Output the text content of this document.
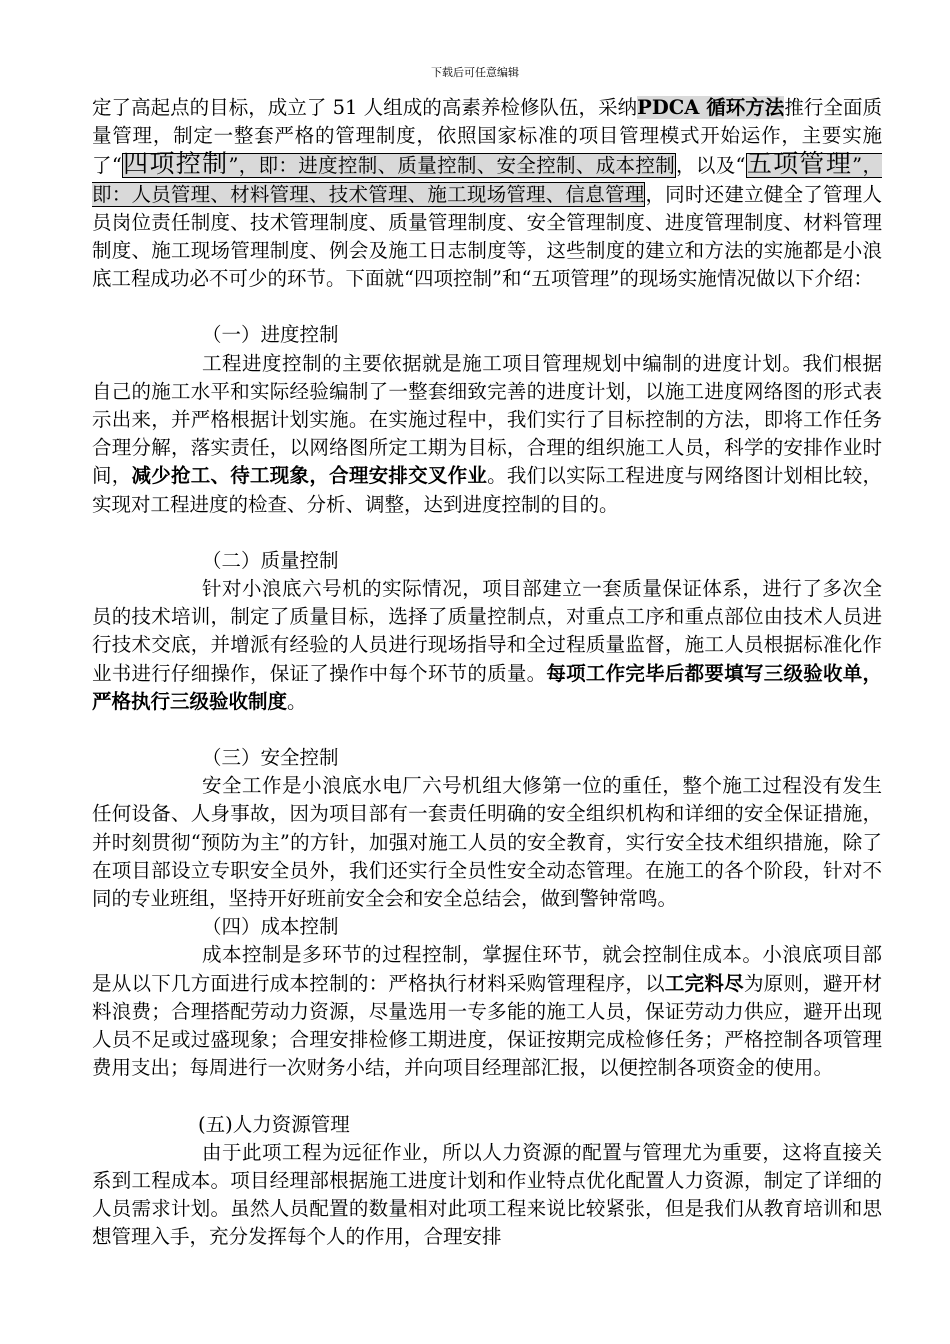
下载后可任意编辑

定了高起点的目标，成立了 51 人组成的高素养检修队伍，采纳PDCA 循环方法推行全面质量管理，制定一整套严格的管理制度，依照国家标准的项目管理模式开始运作，主要实施了“四项控制”，即：进度控制、质量控制、安全控制、成本控制，以及“五项管理”，即：人员管理、材料管理、技术管理、施工现场管理、信息管理，同时还建立健全了管理人员岗位责任制度、技术管理制度、质量管理制度、安全管理制度、进度管理制度、材料管理制度、施工现场管理制度、例会及施工日志制度等，这些制度的建立和方法的实施都是小浪底工程成功必不可少的环节。下面就“四项控制”和“五项管理”的现场实施情况做以下介绍：

（一）进度控制

工程进度控制的主要依据就是施工项目管理规划中编制的进度计划。我们根据自己的施工水平和实际经验编制了一整套细致完善的进度计划，以施工进度网络图的形式表示出来，并严格根据计划实施。在实施过程中，我们实行了目标控制的方法，即将工作任务合理分解，落实责任，以网络图所定工期为目标，合理的组织施工人员，科学的安排作业时间，减少抢工、待工现象，合理安排交叉作业。我们以实际工程进度与网络图计划相比较，实现对工程进度的检查、分析、调整，达到进度控制的目的。

（二）质量控制

针对小浪底六号机的实际情况，项目部建立一套质量保证体系，进行了多次全员的技术培训，制定了质量目标，选择了质量控制点，对重点工序和重点部位由技术人员进行技术交底，并增派有经验的人员进行现场指导和全过程质量监督，施工人员根据标准化作业书进行仔细操作，保证了操作中每个环节的质量。每项工作完毕后都要填写三级验收单，严格执行三级验收制度。

（三）安全控制

安全工作是小浪底水电厂六号机组大修第一位的重任，整个施工过程没有发生任何设备、人身事故，因为项目部有一套责任明确的安全组织机构和详细的安全保证措施，并时刻贯彻“预防为主”的方针，加强对施工人员的安全教育，实行安全技术组织措施，除了在项目部设立专职安全员外，我们还实行全员性安全动态管理。在施工的各个阶段，针对不同的专业班组，坚持开好班前安全会和安全总结会，做到警钟常鸣。

（四）成本控制

成本控制是多环节的过程控制，掌握住环节，就会控制住成本。小浪底项目部是从以下几方面进行成本控制的：严格执行材料采购管理程序，以工完料尽为原则，避开材料浪费；合理搭配劳动力资源，尽量选用一专多能的施工人员，保证劳动力供应，避开出现人员不足或过盛现象；合理安排检修工期进度，保证按期完成检修任务；严格控制各项管理费用支出；每周进行一次财务小结，并向项目经理部汇报，以便控制各项资金的使用。

(五)人力资源管理

由于此项工程为远征作业，所以人力资源的配置与管理尤为重要，这将直接关系到工程成本。项目经理部根据施工进度计划和作业特点优化配置人力资源，制定了详细的人员需求计划。虽然人员配置的数量相对此项工程来说比较紧张，但是我们从教育培训和思想管理入手，充分发挥每个人的作用，合理安排
